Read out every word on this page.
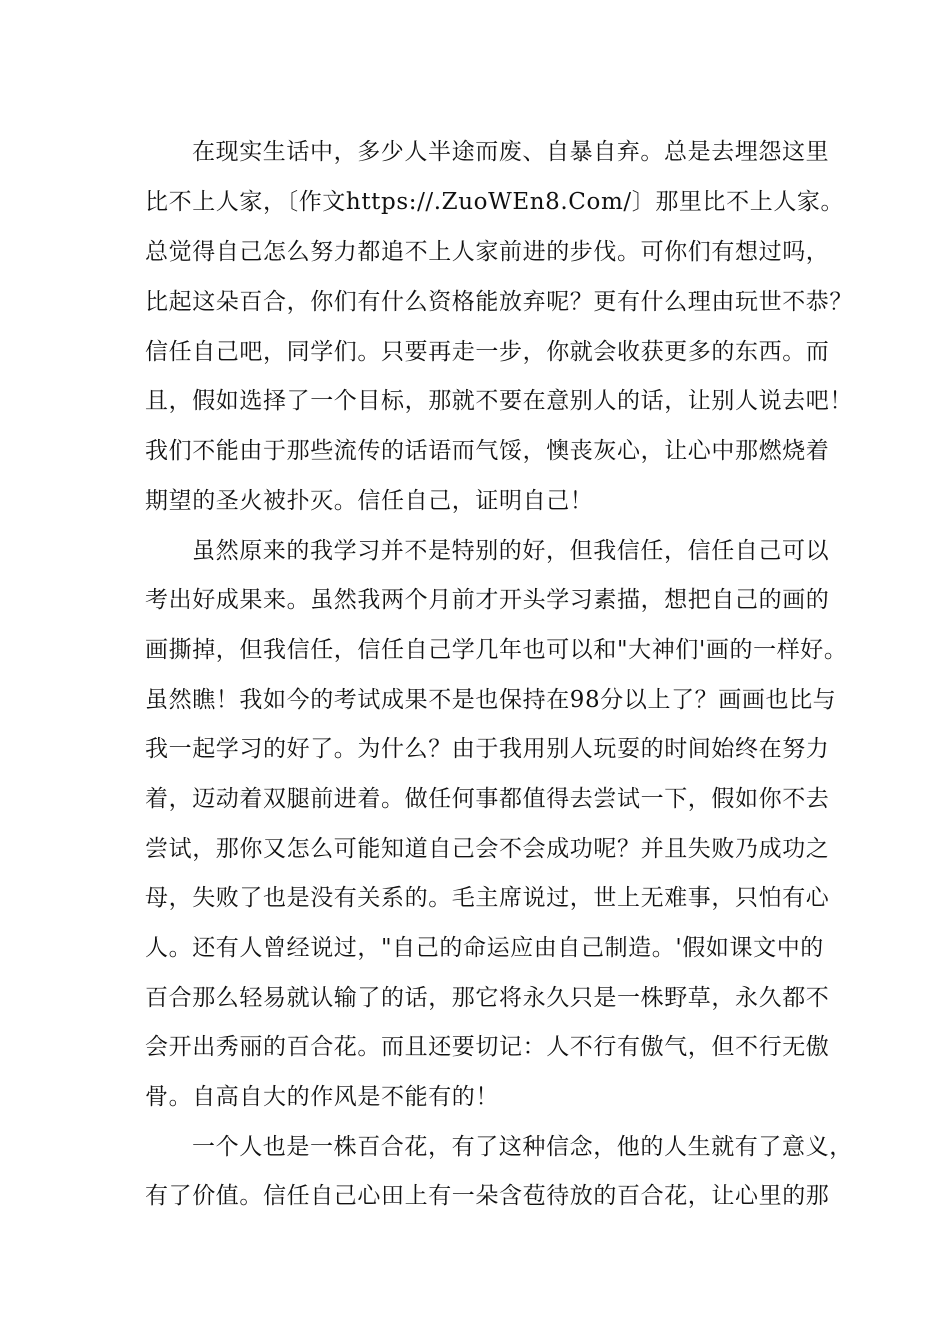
在现实生话中，多少人半途而废、自暴自弃。总是去埋怨这里
比不上人家，〔作文https://.ZuoWEn8.Com/〕那里比不上人家。
总觉得自己怎么努力都追不上人家前进的步伐。可你们有想过吗，
比起这朵百合，你们有什么资格能放弃呢？更有什么理由玩世不恭？
信任自己吧，同学们。只要再走一步，你就会收获更多的东西。而
且，假如选择了一个目标，那就不要在意别人的话，让别人说去吧！
我们不能由于那些流传的话语而气馁，懊丧灰心，让心中那燃烧着
期望的圣火被扑灭。信任自己，证明自己！
虽然原来的我学习并不是特别的好，但我信任，信任自己可以
考出好成果来。虽然我两个月前才开头学习素描，想把自己的画的
画撕掉，但我信任，信任自己学几年也可以和"大神们'画的一样好。
虽然瞧！我如今的考试成果不是也保持在98分以上了？画画也比与
我一起学习的好了。为什么？由于我用别人玩耍的时间始终在努力
着，迈动着双腿前进着。做任何事都值得去尝试一下，假如你不去
尝试，那你又怎么可能知道自己会不会成功呢？并且失败乃成功之
母，失败了也是没有关系的。毛主席说过，世上无难事，只怕有心
人。还有人曾经说过，"自己的命运应由自己制造。'假如课文中的
百合那么轻易就认输了的话，那它将永久只是一株野草，永久都不
会开出秀丽的百合花。而且还要切记：人不行有傲气，但不行无傲
骨。自高自大的作风是不能有的！
一个人也是一株百合花，有了这种信念，他的人生就有了意义，
有了价值。信任自己心田上有一朵含苞待放的百合花，让心里的那
